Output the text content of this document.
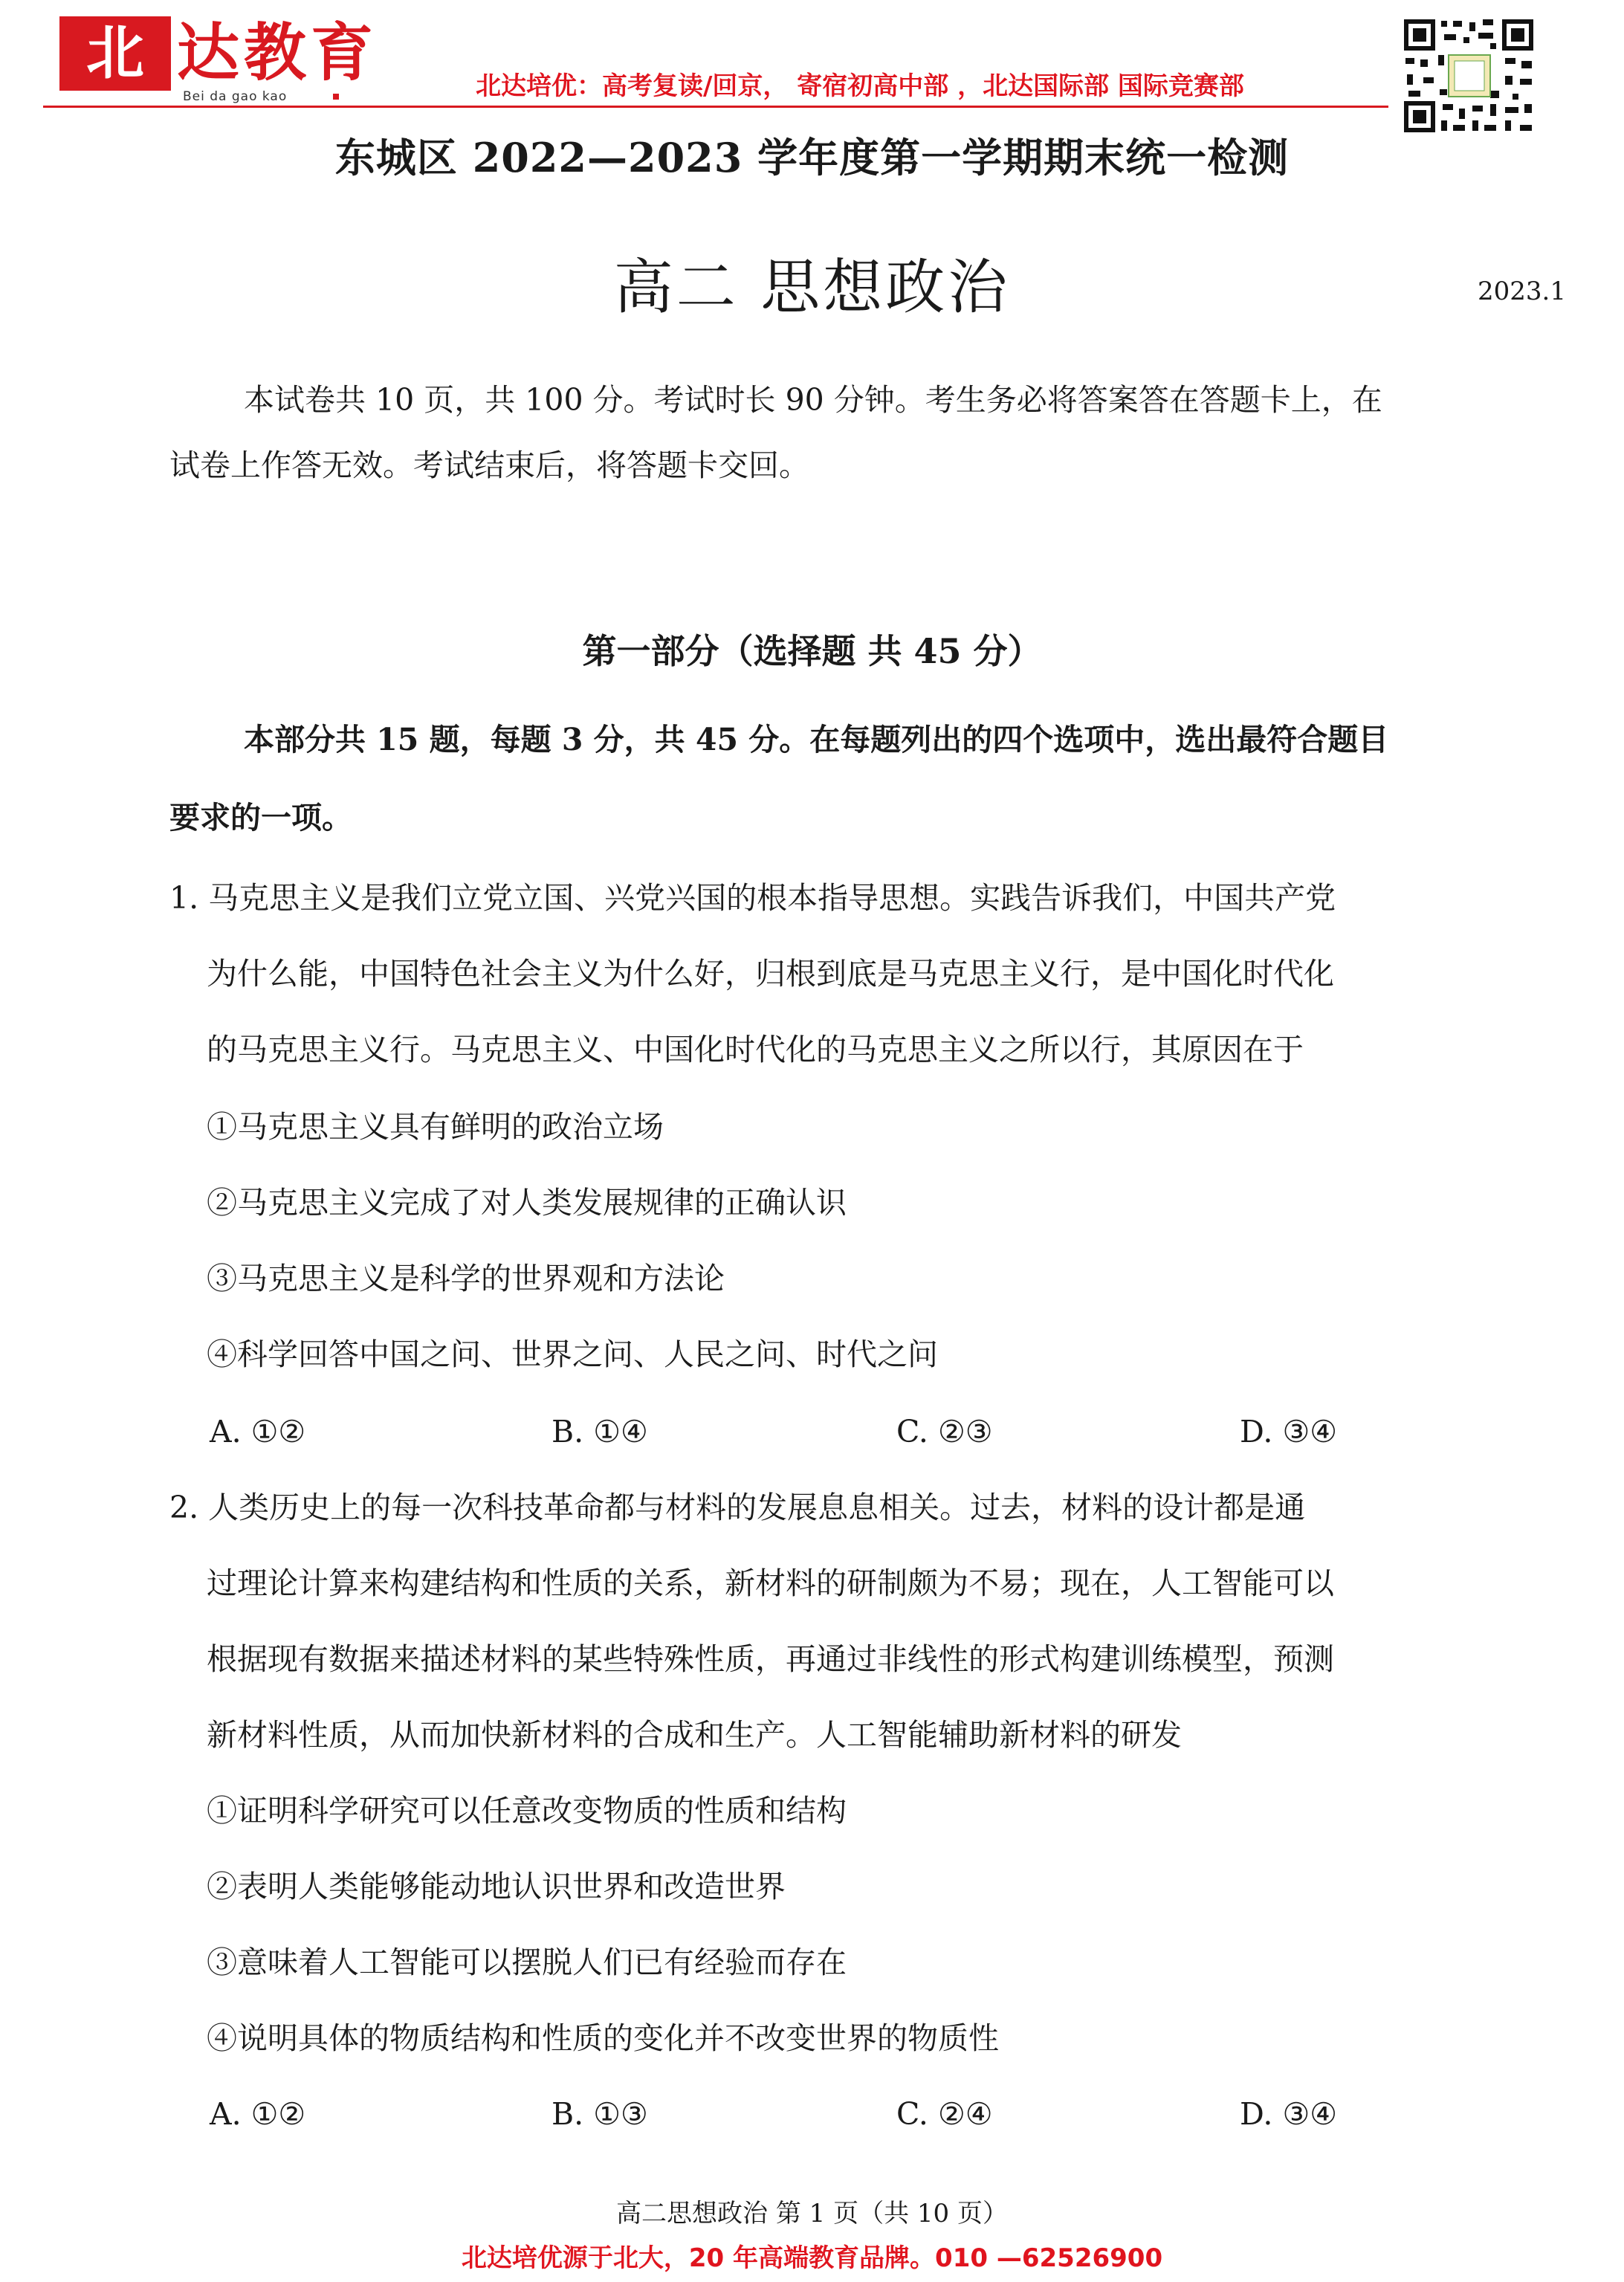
北 达教育
Bei da gao kao	北达培优：高考复读/回京， 寄宿初高中部 ，北达国际部 国际竞赛部
东城区 2022—2023 学年度第一学期期末统一检测
高二 思想政治	2023.1
本试卷共 10 页，共 100 分。考试时长 90 分钟。考生务必将答案答在答题卡上，在
试卷上作答无效。考试结束后，将答题卡交回。
第一部分（选择题 共 45 分）
本部分共 15 题，每题 3 分，共 45 分。在每题列出的四个选项中，选出最符合题目
要求的一项。
1. 马克思主义是我们立党立国、兴党兴国的根本指导思想。实践告诉我们，中国共产党
为什么能，中国特色社会主义为什么好，归根到底是马克思主义行，是中国化时代化
的马克思主义行。马克思主义、中国化时代化的马克思主义之所以行，其原因在于
①马克思主义具有鲜明的政治立场
②马克思主义完成了对人类发展规律的正确认识
③马克思主义是科学的世界观和方法论
④科学回答中国之问、世界之问、人民之问、时代之问
A. ①②	B. ①④	C. ②③	D. ③④
2. 人类历史上的每一次科技革命都与材料的发展息息相关。过去，材料的设计都是通
过理论计算来构建结构和性质的关系，新材料的研制颇为不易；现在，人工智能可以
根据现有数据来描述材料的某些特殊性质，再通过非线性的形式构建训练模型，预测
新材料性质，从而加快新材料的合成和生产。人工智能辅助新材料的研发
①证明科学研究可以任意改变物质的性质和结构
②表明人类能够能动地认识世界和改造世界
③意味着人工智能可以摆脱人们已有经验而存在
④说明具体的物质结构和性质的变化并不改变世界的物质性
A. ①②	B. ①③	C. ②④	D. ③④
高二思想政治 第 1 页（共 10 页）
北达培优源于北大，20 年高端教育品牌。010 —62526900
